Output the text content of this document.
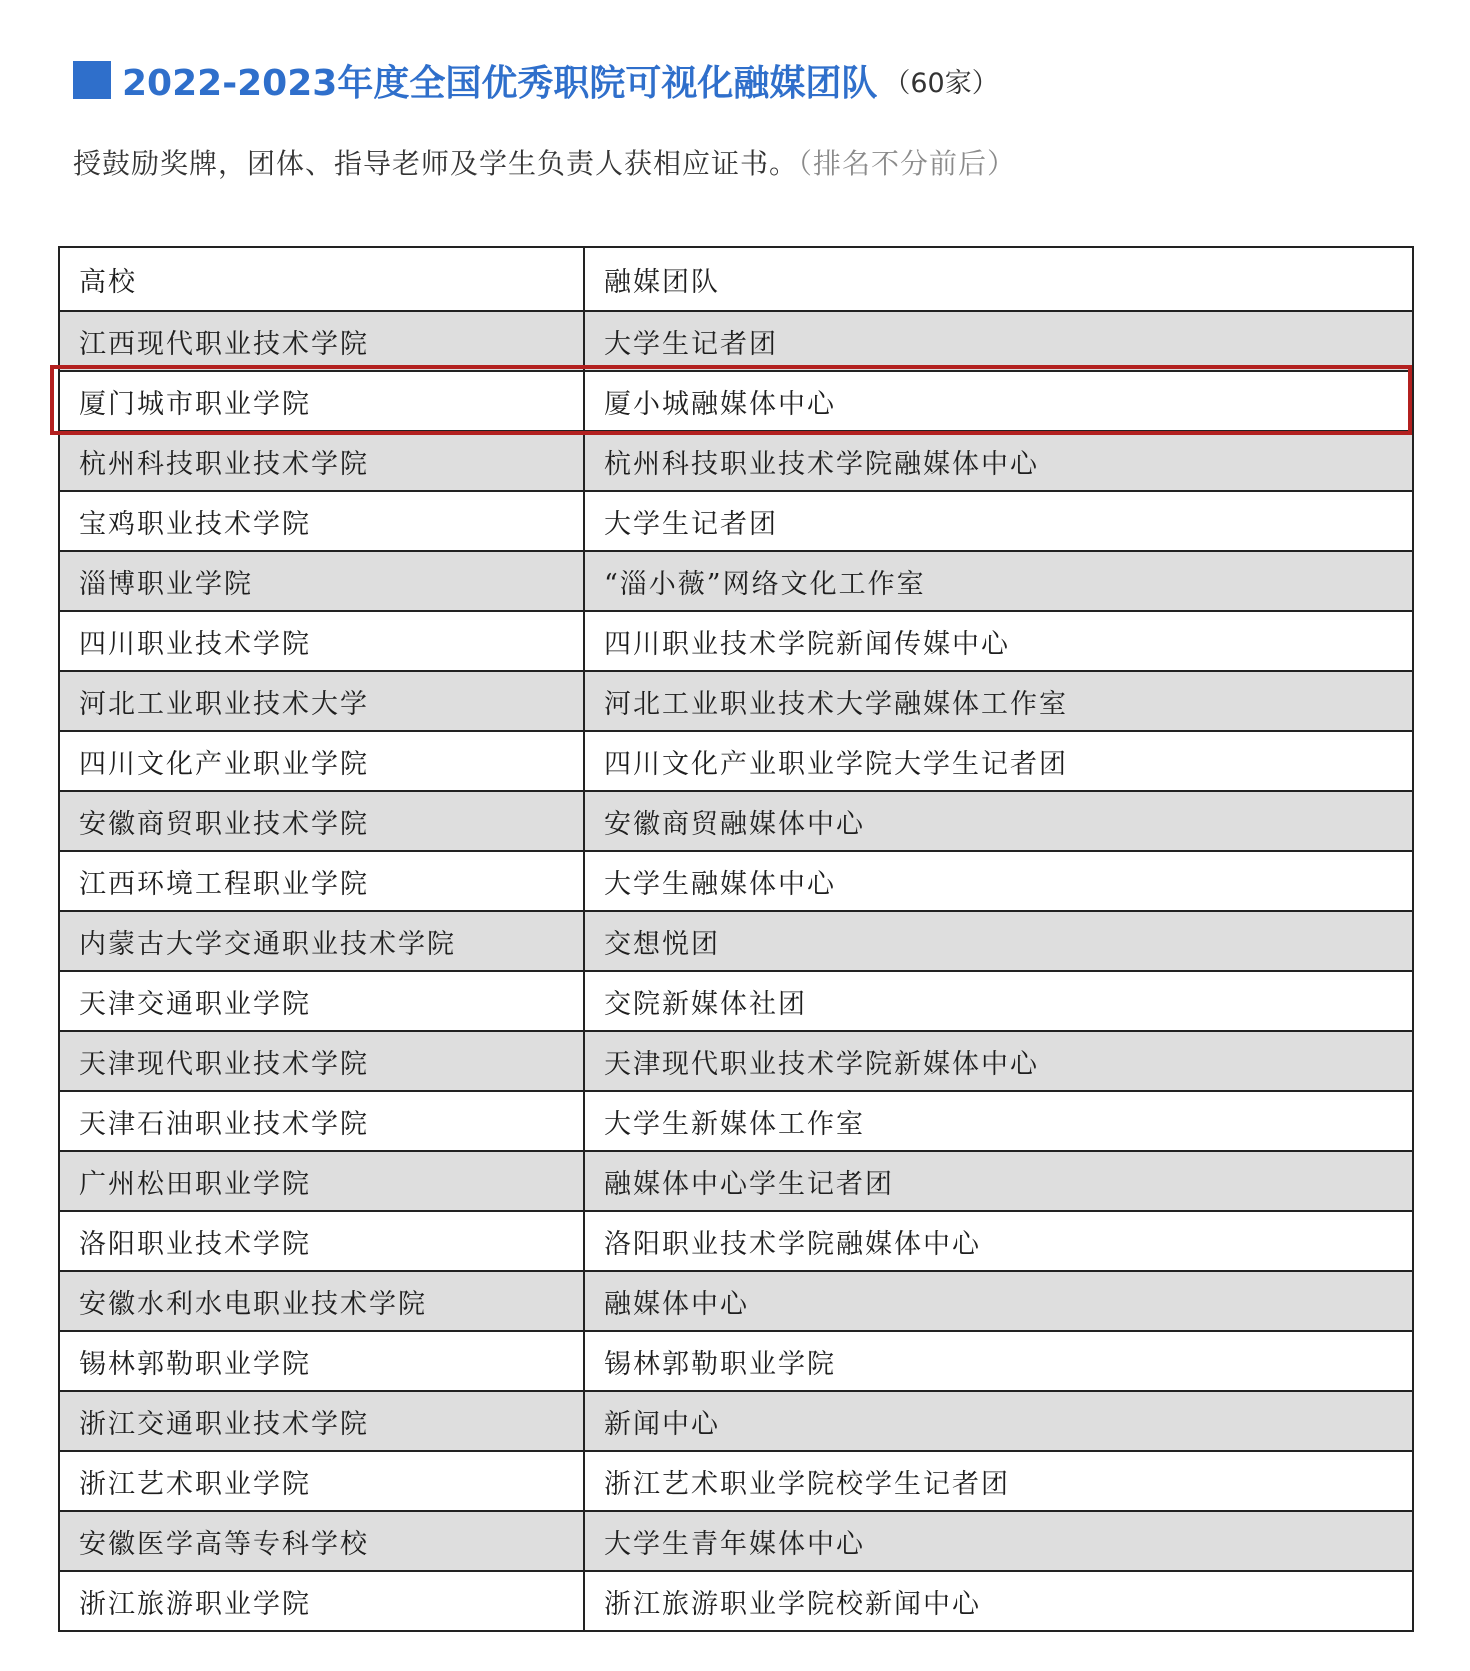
2022-2023年度全国优秀职院可视化融媒团队 （60家）
授鼓励奖牌，团体、指导老师及学生负责人获相应证书。（排名不分前后）
高校	融媒团队
江西现代职业技术学院	大学生记者团
厦门城市职业学院	厦小城融媒体中心
杭州科技职业技术学院	杭州科技职业技术学院融媒体中心
宝鸡职业技术学院	大学生记者团
淄博职业学院	“淄小薇”网络文化工作室
四川职业技术学院	四川职业技术学院新闻传媒中心
河北工业职业技术大学	河北工业职业技术大学融媒体工作室
四川文化产业职业学院	四川文化产业职业学院大学生记者团
安徽商贸职业技术学院	安徽商贸融媒体中心
江西环境工程职业学院	大学生融媒体中心
内蒙古大学交通职业技术学院	交想悦团
天津交通职业学院	交院新媒体社团
天津现代职业技术学院	天津现代职业技术学院新媒体中心
天津石油职业技术学院	大学生新媒体工作室
广州松田职业学院	融媒体中心学生记者团
洛阳职业技术学院	洛阳职业技术学院融媒体中心
安徽水利水电职业技术学院	融媒体中心
锡林郭勒职业学院	锡林郭勒职业学院
浙江交通职业技术学院	新闻中心
浙江艺术职业学院	浙江艺术职业学院校学生记者团
安徽医学高等专科学校	大学生青年媒体中心
浙江旅游职业学院	浙江旅游职业学院校新闻中心
